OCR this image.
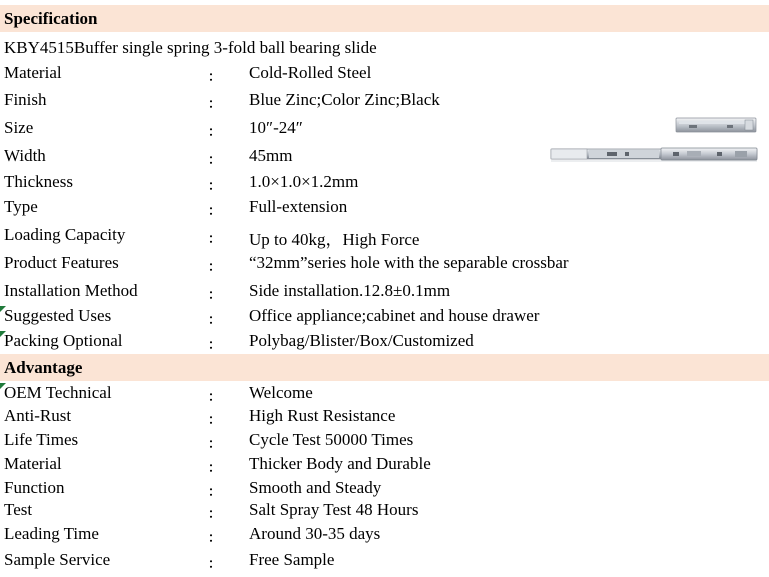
Specification
KBY4515Buffer single spring 3-fold ball bearing slide
Material	： Cold-Rolled Steel
Finish	： Blue Zinc;Color Zinc;Black
Size	： 10″-24″
Width	： 45mm
Thickness	： 1.0×1.0×1.2mm
Type	： Full-extension
Loading Capacity	： Up to 40kg，High Force
Product Features	： “32mm”series hole with the separable crossbar
Installation Method	： Side installation.12.8±0.1mm
Suggested Uses	： Office appliance;cabinet and house drawer
Packing Optional	： Polybag/Blister/Box/Customized
Advantage
OEM Technical	： Welcome
Anti-Rust	： High Rust Resistance
Life Times	： Cycle Test 50000 Times
Material	： Thicker Body and Durable
Function	： Smooth and Steady
Test	： Salt Spray Test 48 Hours
Leading Time	： Around 30-35 days
Sample Service	： Free Sample
